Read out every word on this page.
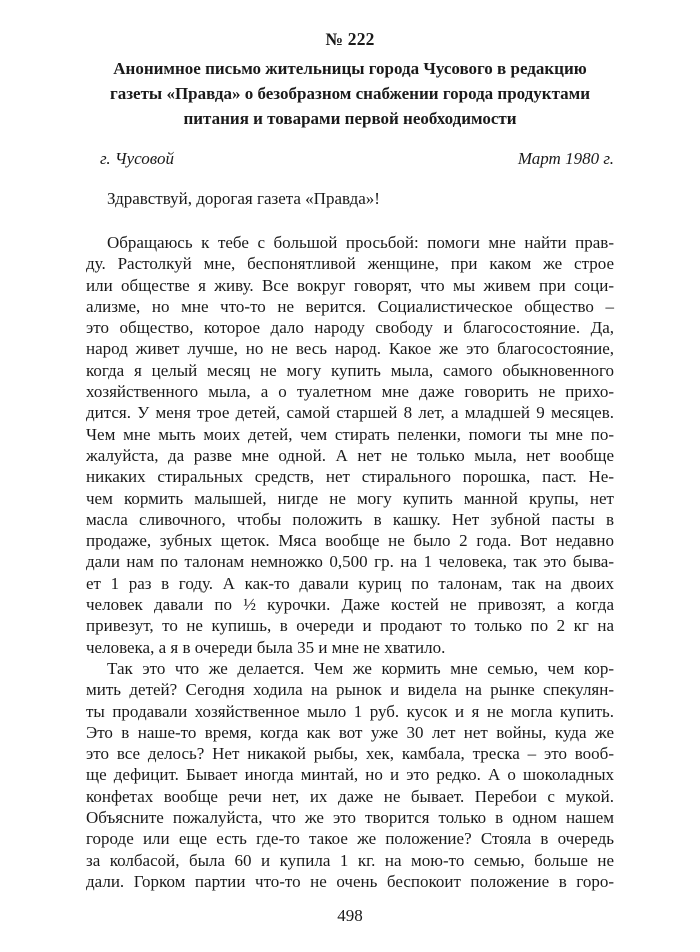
№ 222
Анонимное письмо жительницы города Чусового в редакцию
газеты «Правда» о безобразном снабжении города продуктами
питания и товарами первой необходимости
г. Чусовой	Март 1980 г.
Здравствуй, дорогая газета «Правда»!
Обращаюсь к тебе с большой просьбой: помоги мне найти прав-
ду. Растолкуй мне, беспонятливой женщине, при каком же строе
или обществе я живу. Все вокруг говорят, что мы живем при соци-
ализме, но мне что-то не верится. Социалистическое общество –
это общество, которое дало народу свободу и благосостояние. Да,
народ живет лучше, но не весь народ. Какое же это благосостояние,
когда я целый месяц не могу купить мыла, самого обыкновенного
хозяйственного мыла, а о туалетном мне даже говорить не прихо-
дится. У меня трое детей, самой старшей 8 лет, а младшей 9 месяцев.
Чем мне мыть моих детей, чем стирать пеленки, помоги ты мне по-
жалуйста, да разве мне одной. А нет не только мыла, нет вообще
никаких стиральных средств, нет стирального порошка, паст. Не-
чем кормить малышей, нигде не могу купить манной крупы, нет
масла сливочного, чтобы положить в кашку. Нет зубной пасты в
продаже, зубных щеток. Мяса вообще не было 2 года. Вот недавно
дали нам по талонам немножко 0,500 гр. на 1 человека, так это быва-
ет 1 раз в году. А как-то давали куриц по талонам, так на двоих
человек давали по ½ курочки. Даже костей не привозят, а когда
привезут, то не купишь, в очереди и продают то только по 2 кг на
человека, а я в очереди была 35 и мне не хватило.
Так это что же делается. Чем же кормить мне семью, чем кор-
мить детей? Сегодня ходила на рынок и видела на рынке спекулян-
ты продавали хозяйственное мыло 1 руб. кусок и я не могла купить.
Это в наше-то время, когда как вот уже 30 лет нет войны, куда же
это все делось? Нет никакой рыбы, хек, камбала, треска – это вооб-
ще дефицит. Бывает иногда минтай, но и это редко. А о шоколадных
конфетах вообще речи нет, их даже не бывает. Перебои с мукой.
Объясните пожалуйста, что же это творится только в одном нашем
городе или еще есть где-то такое же положение? Стояла в очередь
за колбасой, была 60 и купила 1 кг. на мою-то семью, больше не
дали. Горком партии что-то не очень беспокоит положение в горо-
498
